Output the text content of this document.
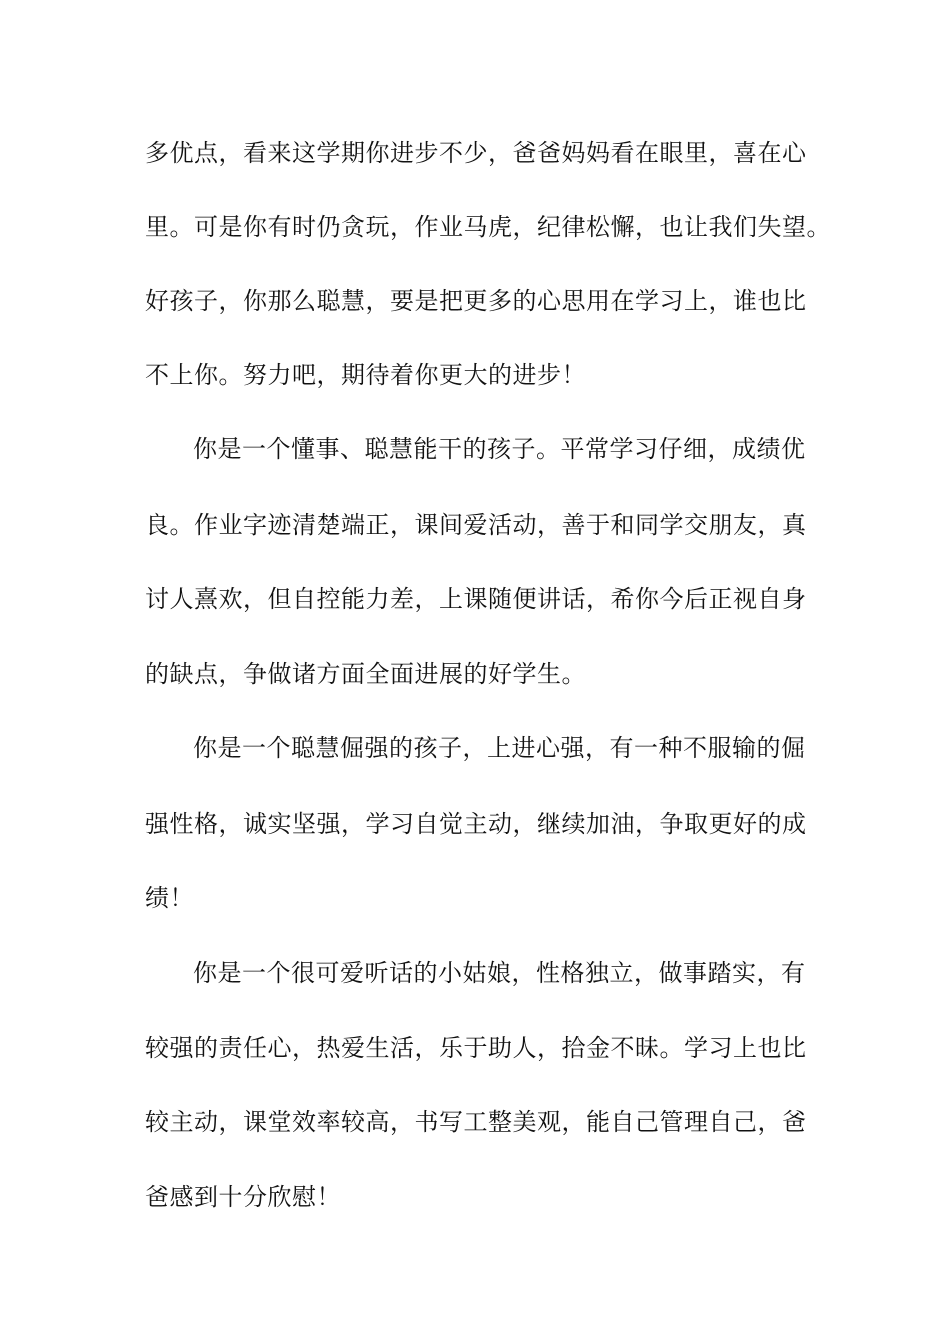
多优点，看来这学期你进步不少，爸爸妈妈看在眼里，喜在心
里。可是你有时仍贪玩，作业马虎，纪律松懈，也让我们失望。
好孩子，你那么聪慧，要是把更多的心思用在学习上，谁也比
不上你。努力吧，期待着你更大的进步！
你是一个懂事、聪慧能干的孩子。平常学习仔细，成绩优
良。作业字迹清楚端正，课间爱活动，善于和同学交朋友，真
讨人熹欢，但自控能力差，上课随便讲话，希你今后正视自身
的缺点，争做诸方面全面进展的好学生。
你是一个聪慧倔强的孩子，上进心强，有一种不服输的倔
强性格，诚实坚强，学习自觉主动，继续加油，争取更好的成
绩！
你是一个很可爱听话的小姑娘，性格独立，做事踏实，有
较强的责任心，热爱生活，乐于助人，拾金不昧。学习上也比
较主动，课堂效率较高，书写工整美观，能自己管理自己，爸
爸感到十分欣慰！
